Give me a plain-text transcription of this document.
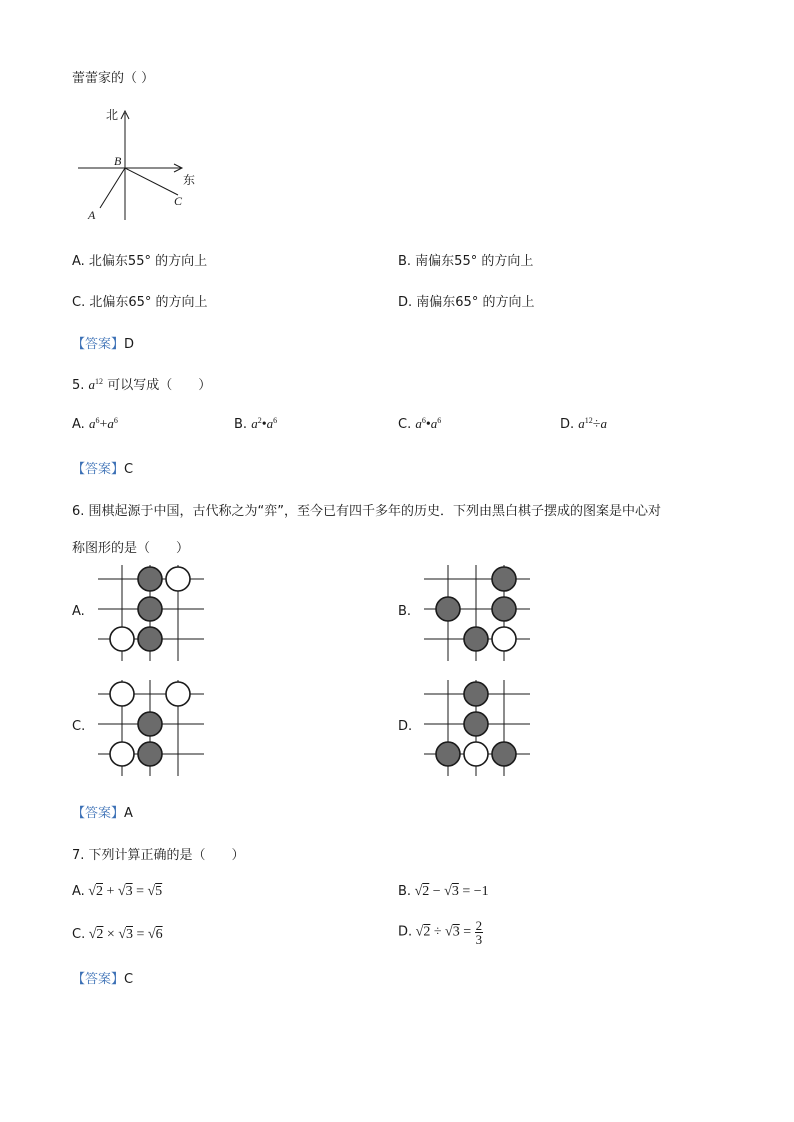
蕾蕾家的（ ）
北
东
B
A
C
A. 北偏东55° 的方向上	B. 南偏东55° 的方向上
C. 北偏东65° 的方向上	D. 南偏东65° 的方向上
【答案】D
5. $a^{12}$ 可以写成（　　）
A. $a^6+a^6$	B. $a^2•a^6$	C. $a^6•a^6$	D. $a^{12}\div a$
【答案】C
6. 围棋起源于中国，古代称之为“弈”，至今已有四千多年的历史．下列由黑白棋子摆成的图案是中心对
称图形的是（　　）
A.	B.
C.	D.
【答案】A
7. 下列计算正确的是（　　）
A. √2 + √3 = √5	B. √2 − √3 = −1
C. √2 × √3 = √6	D. $√2 \div √3 = \frac{2}{3}$
【答案】C
